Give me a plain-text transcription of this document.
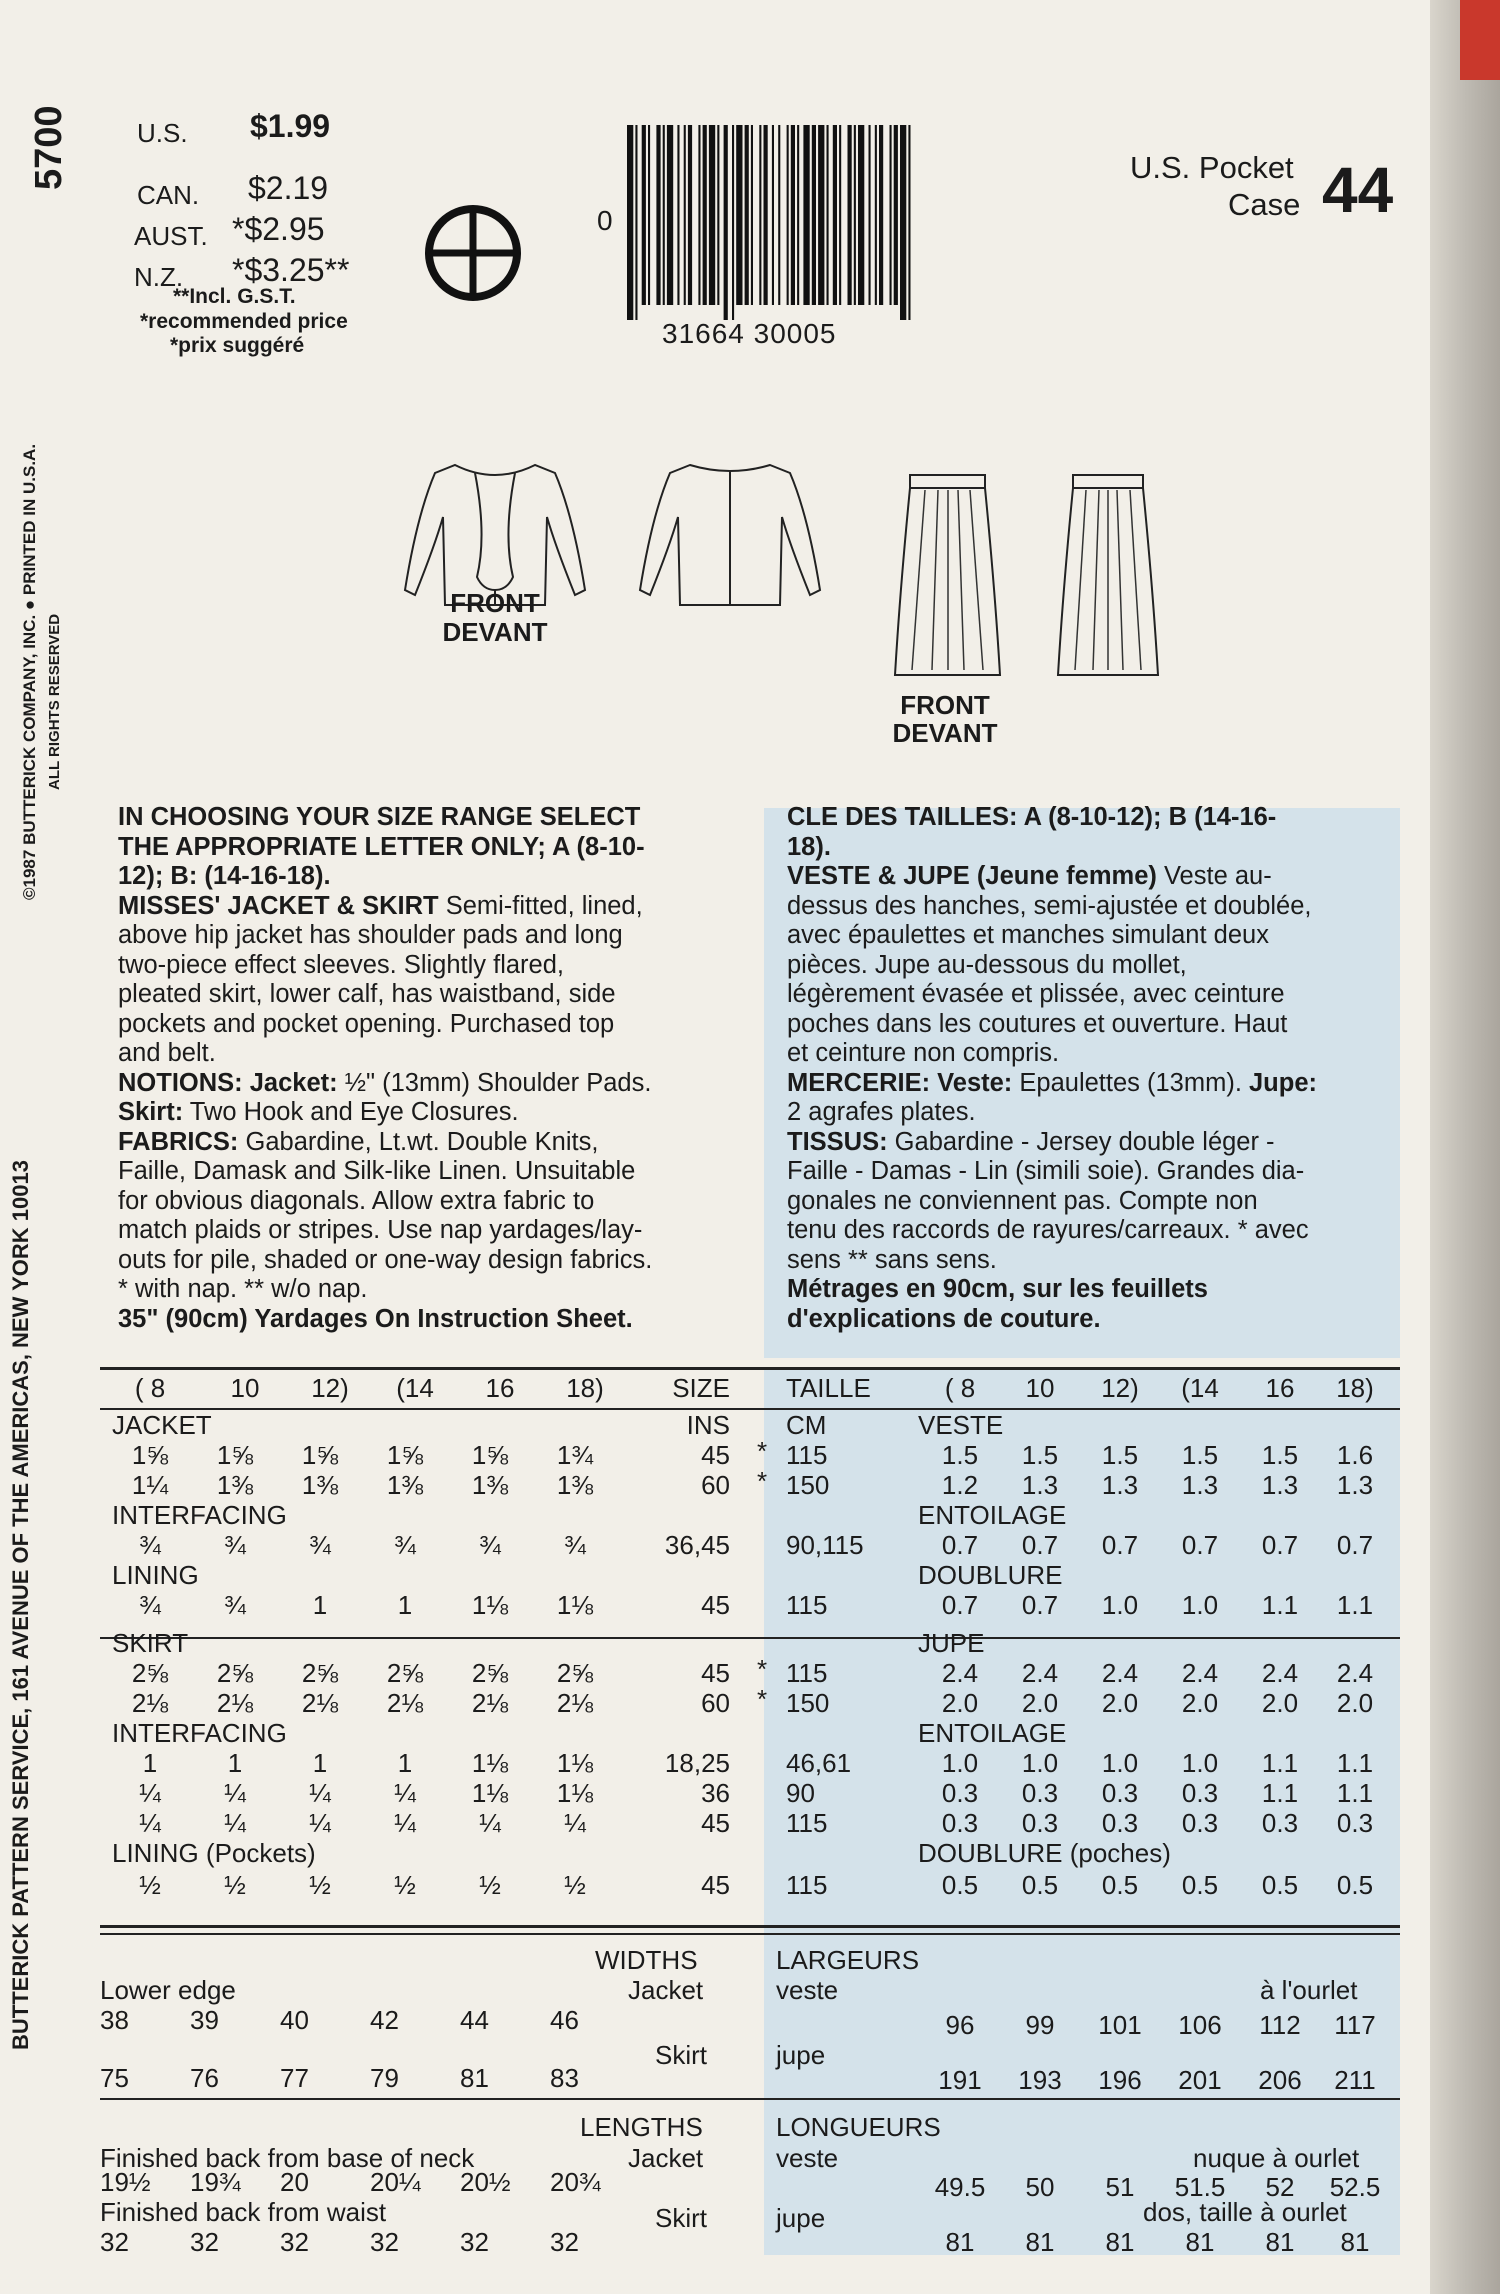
5700
©1987 BUTTERICK COMPANY, INC. ● PRINTED IN U.S.A. ALL RIGHTS RESERVED
BUTTERICK PATTERN SERVICE, 161 AVENUE OF THE AMERICAS, NEW YORK 10013
U.S. $1.99
CAN. $2.19
AUST. *$2.95
N.Z. *$3.25**
**Incl. G.S.T.
*recommended price
*prix suggéré
0
31664 30005
U.S. Pocket
Case 44
FRONT
DEVANT
FRONT
DEVANT
IN CHOOSING YOUR SIZE RANGE SELECT
THE APPROPRIATE LETTER ONLY; A (8-10-
12); B: (14-16-18).
MISSES' JACKET & SKIRT Semi-fitted, lined,
above hip jacket has shoulder pads and long
two-piece effect sleeves. Slightly flared,
pleated skirt, lower calf, has waistband, side
pockets and pocket opening. Purchased top
and belt.
NOTIONS: Jacket: ½" (13mm) Shoulder Pads.
Skirt: Two Hook and Eye Closures.
FABRICS: Gabardine, Lt.wt. Double Knits,
Faille, Damask and Silk-like Linen. Unsuitable
for obvious diagonals. Allow extra fabric to
match plaids or stripes. Use nap yardages/lay-
outs for pile, shaded or one-way design fabrics.
* with nap. ** w/o nap.
35" (90cm) Yardages On Instruction Sheet.
CLE DES TAILLES: A (8-10-12); B (14-16-
18).
VESTE & JUPE (Jeune femme) Veste au-
dessus des hanches, semi-ajustée et doublée,
avec épaulettes et manches simulant deux
pièces. Jupe au-dessous du mollet,
légèrement évasée et plissée, avec ceinture
poches dans les coutures et ouverture. Haut
et ceinture non compris.
MERCERIE: Veste: Epaulettes (13mm). Jupe:
2 agrafes plates.
TISSUS: Gabardine - Jersey double léger -
Faille - Damas - Lin (simili soie). Grandes dia-
gonales ne conviennent pas. Compte non
tenu des raccords de rayures/carreaux. * avec
sens ** sans sens.
Métrages en 90cm, sur les feuillets
d'explications de couture.
( 8	10	12)	(14	16	18)	SIZE TAILLE	( 8	10	12)	(14	16	18)
JACKET	INS CM	VESTE
1⅝	1⅝	1⅝	1⅝	1⅝	1¾	45 * 115	1.5	1.5	1.5	1.5	1.5	1.6
1¼	1⅜	1⅜	1⅜	1⅜	1⅜	60 * 150	1.2	1.3	1.3	1.3	1.3	1.3
INTERFACING	ENTOILAGE
¾	¾	¾	¾	¾	¾	36,45 90,115	0.7	0.7	0.7	0.7	0.7	0.7
LINING	DOUBLURE
¾	¾	1	1	1⅛	1⅛	45 115	0.7	0.7	1.0	1.0	1.1	1.1
SKIRT	JUPE
2⅝	2⅝	2⅝	2⅝	2⅝	2⅝	45 * 115	2.4	2.4	2.4	2.4	2.4	2.4
2⅛	2⅛	2⅛	2⅛	2⅛	2⅛	60 * 150	2.0	2.0	2.0	2.0	2.0	2.0
INTERFACING	ENTOILAGE
1	1	1	1	1⅛	1⅛	18,25 46,61	1.0	1.0	1.0	1.0	1.1	1.1
¼	¼	¼	¼	1⅛	1⅛	36 90	0.3	0.3	0.3	0.3	1.1	1.1
¼	¼	¼	¼	¼	¼	45 115	0.3	0.3	0.3	0.3	0.3	0.3
LINING (Pockets)	DOUBLURE (poches)
½	½	½	½	½	½	45 115	0.5	0.5	0.5	0.5	0.5	0.5
WIDTHS	LARGEURS
Lower edge	Jacket	veste	à l'ourlet
38	39	40	42	44	46	96	99	101	106	112	117
Skirt	jupe
75	76	77	79	81	83	191	193	196	201	206	211
LENGTHS	LONGUEURS
Finished back from base of neck	Jacket	veste	nuque à ourlet
19½	19¾	20	20¼	20½	20¾	49.5	50	51	51.5	52	52.5
Finished back from waist	Skirt	jupe	dos, taille à ourlet
32	32	32	32	32	32	81	81	81	81	81	81
